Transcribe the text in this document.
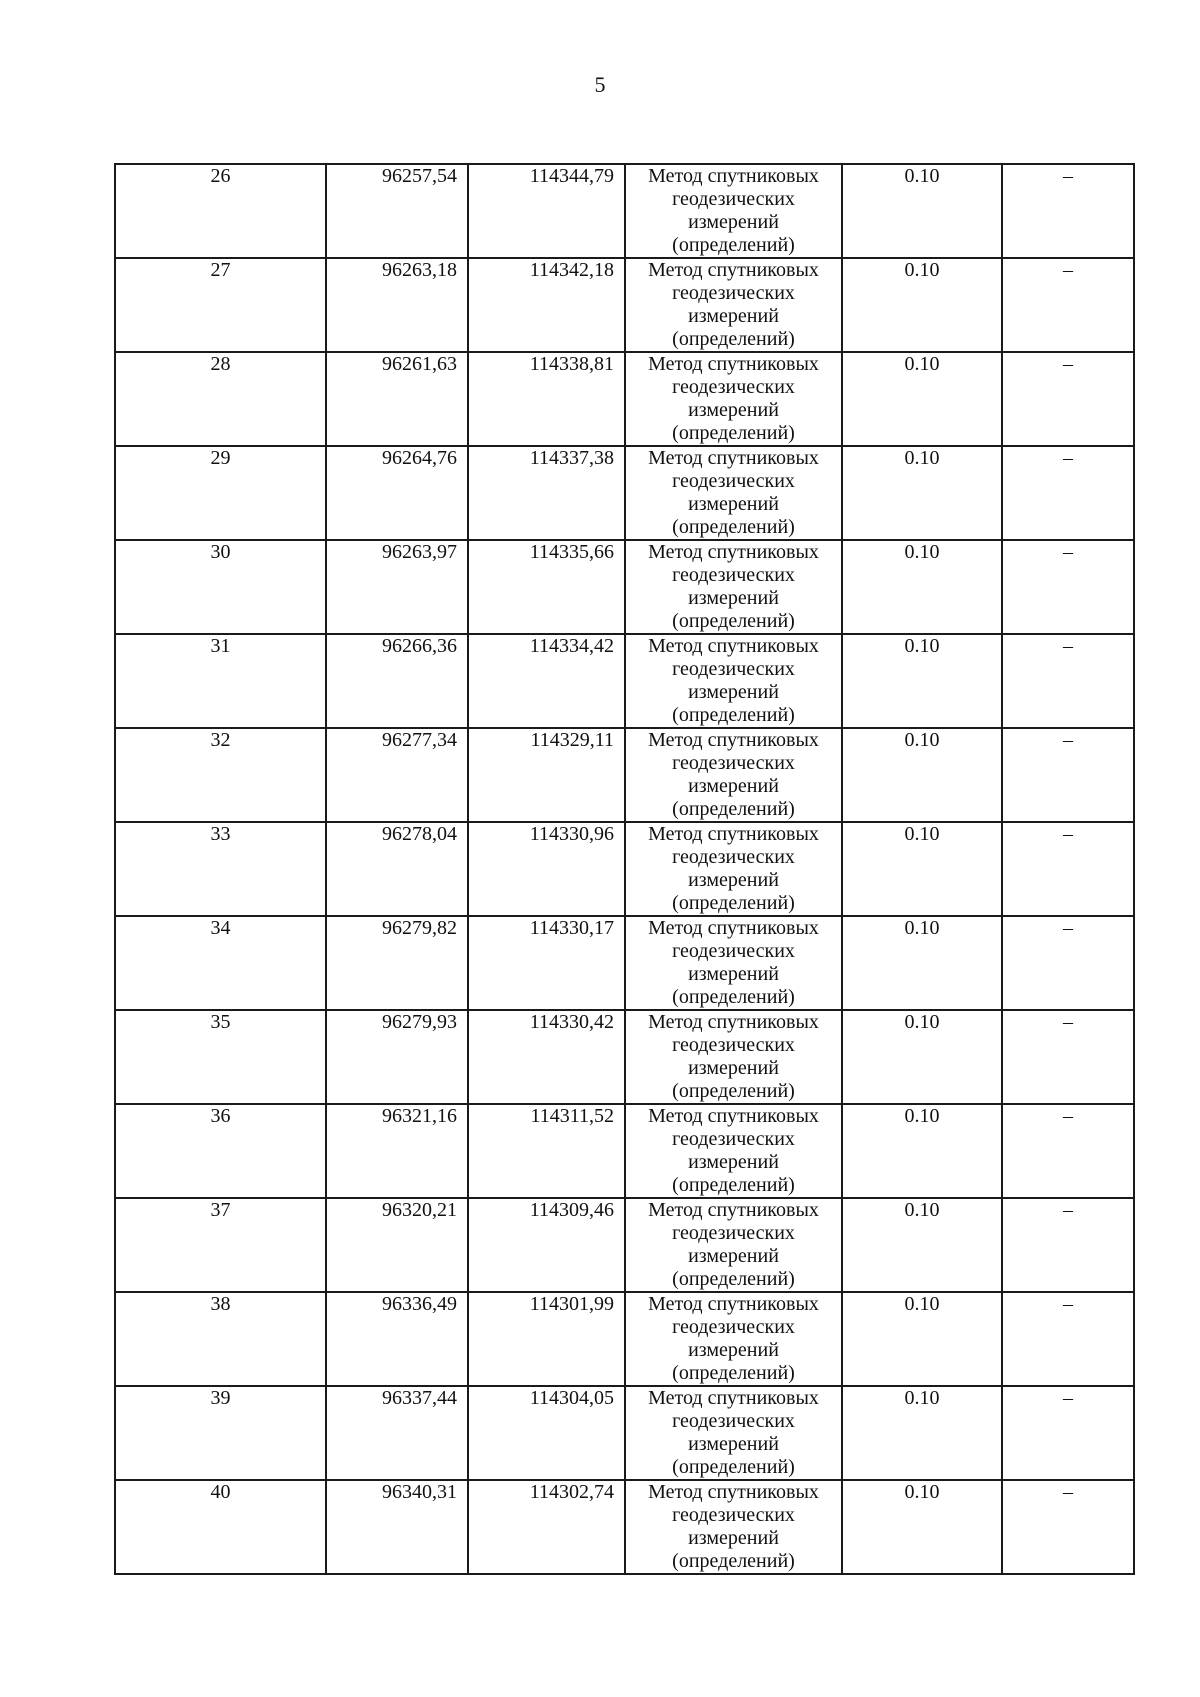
5
26	96257,54	114344,79	Метод спутниковых геодезических измерений (определений)	0.10	–
27	96263,18	114342,18	Метод спутниковых геодезических измерений (определений)	0.10	–
28	96261,63	114338,81	Метод спутниковых геодезических измерений (определений)	0.10	–
29	96264,76	114337,38	Метод спутниковых геодезических измерений (определений)	0.10	–
30	96263,97	114335,66	Метод спутниковых геодезических измерений (определений)	0.10	–
31	96266,36	114334,42	Метод спутниковых геодезических измерений (определений)	0.10	–
32	96277,34	114329,11	Метод спутниковых геодезических измерений (определений)	0.10	–
33	96278,04	114330,96	Метод спутниковых геодезических измерений (определений)	0.10	–
34	96279,82	114330,17	Метод спутниковых геодезических измерений (определений)	0.10	–
35	96279,93	114330,42	Метод спутниковых геодезических измерений (определений)	0.10	–
36	96321,16	114311,52	Метод спутниковых геодезических измерений (определений)	0.10	–
37	96320,21	114309,46	Метод спутниковых геодезических измерений (определений)	0.10	–
38	96336,49	114301,99	Метод спутниковых геодезических измерений (определений)	0.10	–
39	96337,44	114304,05	Метод спутниковых геодезических измерений (определений)	0.10	–
40	96340,31	114302,74	Метод спутниковых геодезических измерений (определений)	0.10	–
